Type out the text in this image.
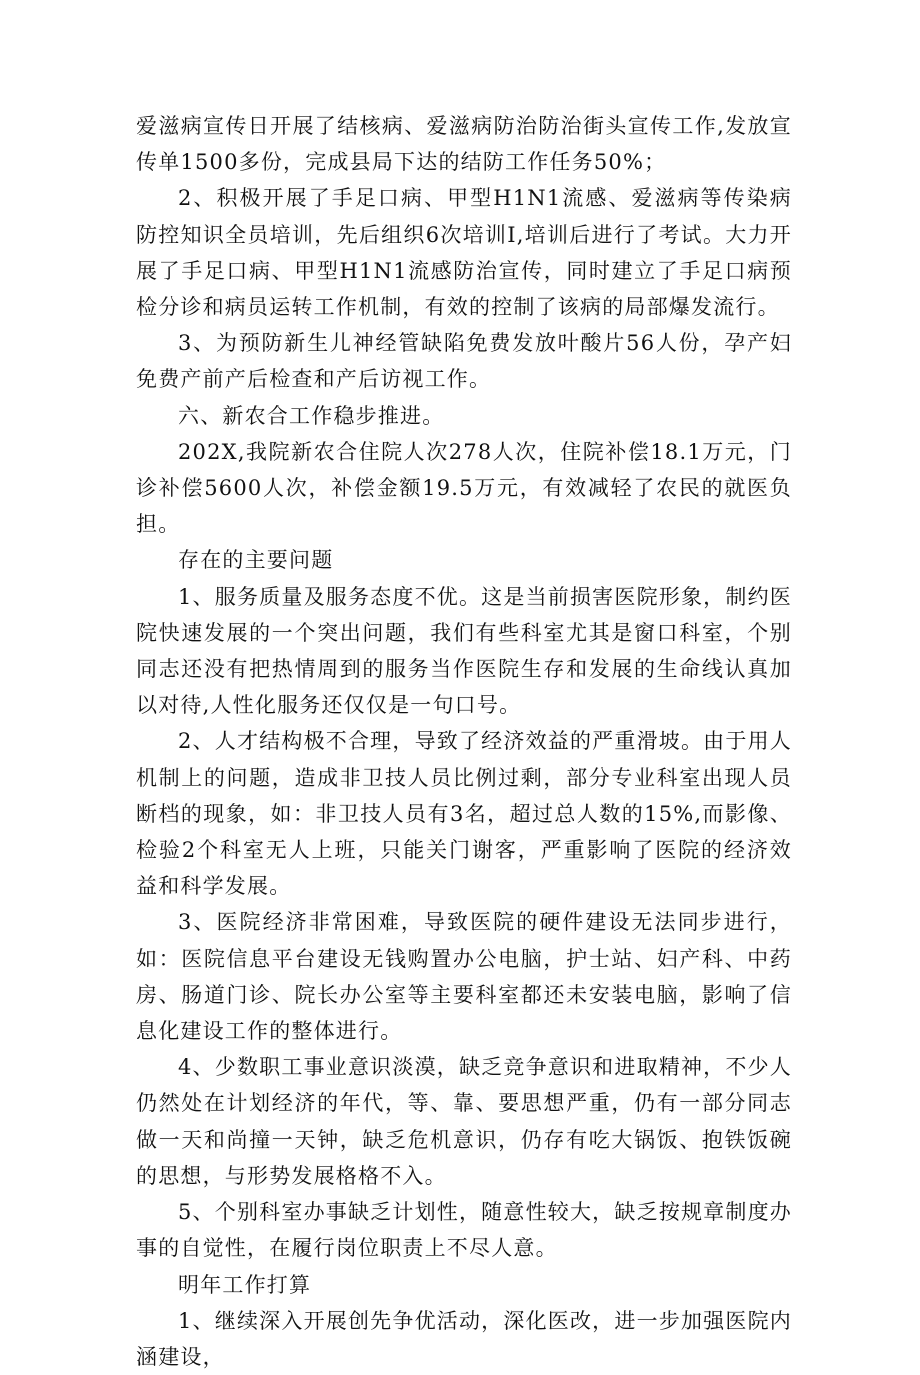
爱滋病宣传日开展了结核病、爱滋病防治防治街头宣传工作,发放宣传单1500多份，完成县局下达的结防工作任务50%；

2、积极开展了手足口病、甲型H1N1流感、爱滋病等传染病防控知识全员培训，先后组织6次培训I,培训后进行了考试。大力开展了手足口病、甲型H1N1流感防治宣传，同时建立了手足口病预检分诊和病员运转工作机制，有效的控制了该病的局部爆发流行。

3、为预防新生儿神经管缺陷免费发放叶酸片56人份，孕产妇免费产前产后检查和产后访视工作。

六、新农合工作稳步推进。

202X,我院新农合住院人次278人次，住院补偿18.1万元，门诊补偿5600人次，补偿金额19.5万元，有效减轻了农民的就医负担。

存在的主要问题

1、服务质量及服务态度不优。这是当前损害医院形象，制约医院快速发展的一个突出问题，我们有些科室尤其是窗口科室，个别同志还没有把热情周到的服务当作医院生存和发展的生命线认真加以对待,人性化服务还仅仅是一句口号。

2、人才结构极不合理，导致了经济效益的严重滑坡。由于用人机制上的问题，造成非卫技人员比例过剩，部分专业科室出现人员断档的现象，如：非卫技人员有3名，超过总人数的15%,而影像、检验2个科室无人上班，只能关门谢客，严重影响了医院的经济效益和科学发展。

3、医院经济非常困难，导致医院的硬件建设无法同步进行，如：医院信息平台建设无钱购置办公电脑，护士站、妇产科、中药房、肠道门诊、院长办公室等主要科室都还未安装电脑，影响了信息化建设工作的整体进行。

4、少数职工事业意识淡漠，缺乏竞争意识和进取精神，不少人仍然处在计划经济的年代，等、靠、要思想严重，仍有一部分同志做一天和尚撞一天钟，缺乏危机意识，仍存有吃大锅饭、抱铁饭碗的思想，与形势发展格格不入。

5、个别科室办事缺乏计划性，随意性较大，缺乏按规章制度办事的自觉性，在履行岗位职责上不尽人意。

明年工作打算

1、继续深入开展创先争优活动，深化医改，进一步加强医院内涵建设，
